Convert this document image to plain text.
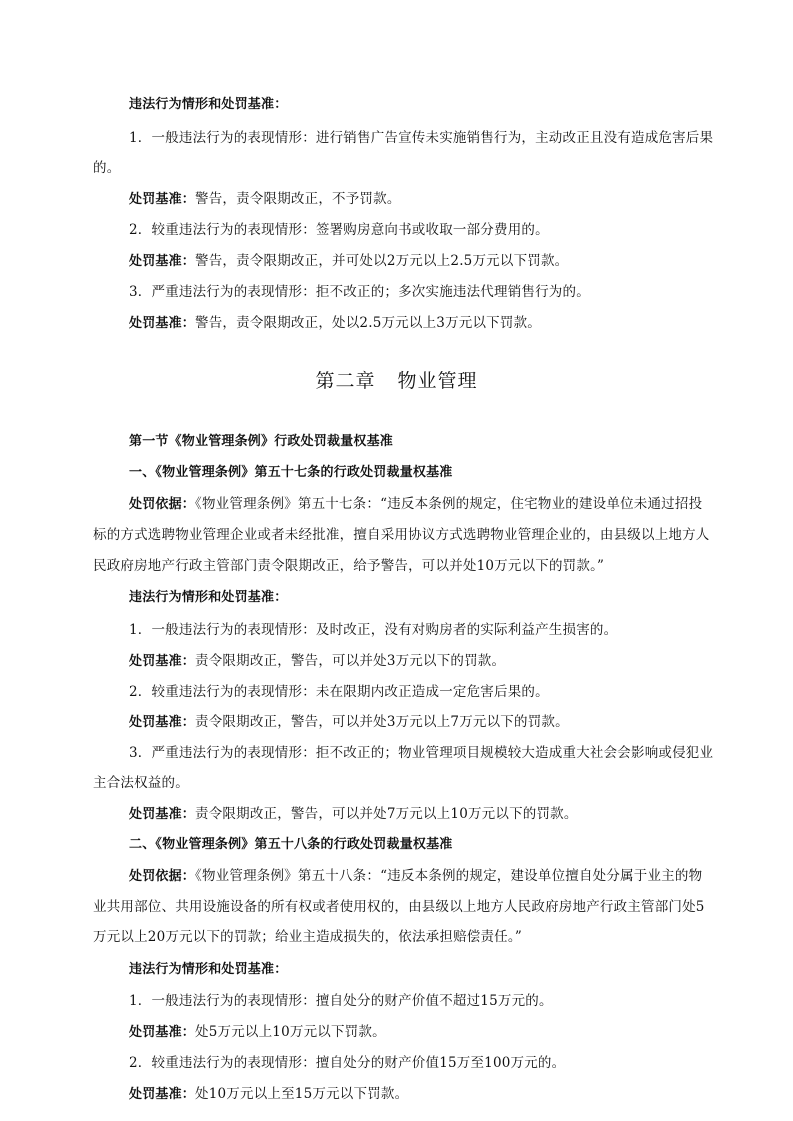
违法行为情形和处罚基准：
1．一般违法行为的表现情形：进行销售广告宣传未实施销售行为，主动改正且没有造成危害后果
的。
处罚基准：警告，责令限期改正，不予罚款。
2．较重违法行为的表现情形：签署购房意向书或收取一部分费用的。
处罚基准：警告，责令限期改正，并可处以2万元以上2.5万元以下罚款。
3．严重违法行为的表现情形：拒不改正的；多次实施违法代理销售行为的。
处罚基准：警告，责令限期改正，处以2.5万元以上3万元以下罚款。
第二章 物业管理
第一节《物业管理条例》行政处罚裁量权基准
一、《物业管理条例》第五十七条的行政处罚裁量权基准
处罚依据：《物业管理条例》第五十七条：“违反本条例的规定，住宅物业的建设单位未通过招投
标的方式选聘物业管理企业或者未经批准，擅自采用协议方式选聘物业管理企业的，由县级以上地方人
民政府房地产行政主管部门责令限期改正，给予警告，可以并处10万元以下的罚款。”
违法行为情形和处罚基准：
1．一般违法行为的表现情形：及时改正，没有对购房者的实际利益产生损害的。
处罚基准：责令限期改正，警告，可以并处3万元以下的罚款。
2．较重违法行为的表现情形：未在限期内改正造成一定危害后果的。
处罚基准：责令限期改正，警告，可以并处3万元以上7万元以下的罚款。
3．严重违法行为的表现情形：拒不改正的；物业管理项目规模较大造成重大社会会影响或侵犯业
主合法权益的。
处罚基准：责令限期改正，警告，可以并处7万元以上10万元以下的罚款。
二、《物业管理条例》第五十八条的行政处罚裁量权基准
处罚依据：《物业管理条例》第五十八条：“违反本条例的规定，建设单位擅自处分属于业主的物
业共用部位、共用设施设备的所有权或者使用权的，由县级以上地方人民政府房地产行政主管部门处5
万元以上20万元以下的罚款；给业主造成损失的，依法承担赔偿责任。”
违法行为情形和处罚基准：
1．一般违法行为的表现情形：擅自处分的财产价值不超过15万元的。
处罚基准：处5万元以上10万元以下罚款。
2．较重违法行为的表现情形：擅自处分的财产价值15万至100万元的。
处罚基准：处10万元以上至15万元以下罚款。
